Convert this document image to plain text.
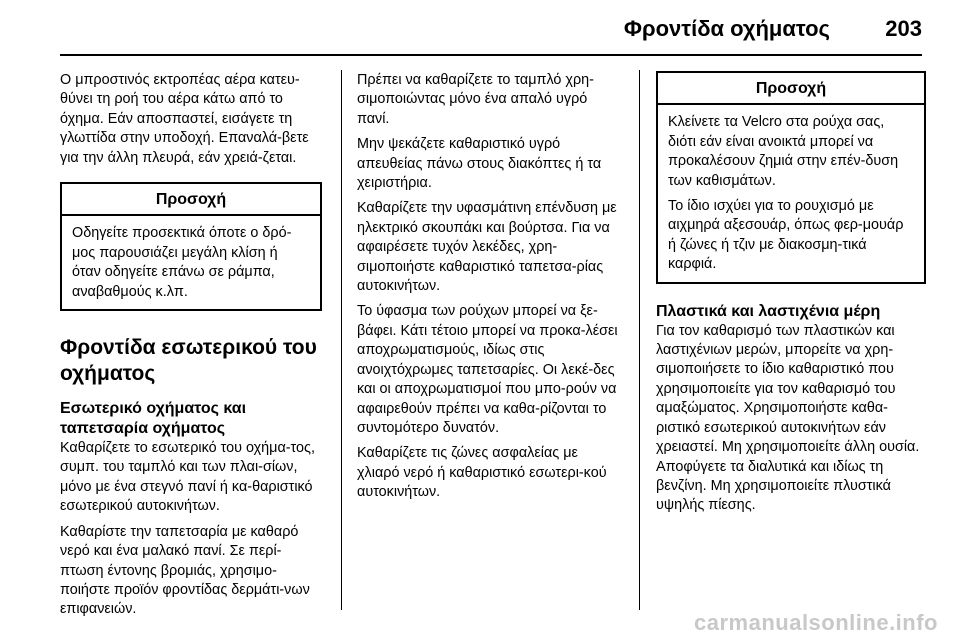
Φροντίδα οχήματος	203

Ο μπροστινός εκτροπέας αέρα κατευ-θύνει τη ροή του αέρα κάτω από το όχημα. Εάν αποσπαστεί, εισάγετε τη γλωττίδα στην υποδοχή. Επαναλά-βετε για την άλλη πλευρά, εάν χρειά-ζεται.

Προσοχή

Οδηγείτε προσεκτικά όποτε ο δρό-μος παρουσιάζει μεγάλη κλίση ή όταν οδηγείτε επάνω σε ράμπα, αναβαθμούς κ.λπ.

Φροντίδα εσωτερικού του οχήματος
Εσωτερικό οχήματος και ταπετσαρία οχήματος

Καθαρίζετε το εσωτερικό του οχήμα-τος, συμπ. του ταμπλό και των πλαι-σίων, μόνο με ένα στεγνό πανί ή κα-θαριστικό εσωτερικού αυτοκινήτων.

Καθαρίστε την ταπετσαρία με καθαρό νερό και ένα μαλακό πανί. Σε περί-πτωση έντονης βρομιάς, χρησιμο-ποιήστε προϊόν φροντίδας δερμάτι-νων επιφανειών.

Πρέπει να καθαρίζετε το ταμπλό χρη-σιμοποιώντας μόνο ένα απαλό υγρό πανί.

Μην ψεκάζετε καθαριστικό υγρό απευθείας πάνω στους διακόπτες ή τα χειριστήρια.

Καθαρίζετε την υφασμάτινη επένδυση με ηλεκτρικό σκουπάκι και βούρτσα. Για να αφαιρέσετε τυχόν λεκέδες, χρη-σιμοποιήστε καθαριστικό ταπετσα-ρίας αυτοκινήτων.

Το ύφασμα των ρούχων μπορεί να ξε-βάφει. Κάτι τέτοιο μπορεί να προκα-λέσει αποχρωματισμούς, ιδίως στις ανοιχτόχρωμες ταπετσαρίες. Οι λεκέ-δες και οι αποχρωματισμοί που μπο-ρούν να αφαιρεθούν πρέπει να καθα-ρίζονται το συντομότερο δυνατόν.

Καθαρίζετε τις ζώνες ασφαλείας με χλιαρό νερό ή καθαριστικό εσωτερι-κού αυτοκινήτων.

Προσοχή

Κλείνετε τα Velcro στα ρούχα σας, διότι εάν είναι ανοικτά μπορεί να προκαλέσουν ζημιά στην επέν-δυση των καθισμάτων.

Το ίδιο ισχύει για το ρουχισμό με αιχμηρά αξεσουάρ, όπως φερ-μουάρ ή ζώνες ή τζιν με διακοσμη-τικά καρφιά.

Πλαστικά και λαστιχένια μέρη

Για τον καθαρισμό των πλαστικών και λαστιχένιων μερών, μπορείτε να χρη-σιμοποιήσετε το ίδιο καθαριστικό που χρησιμοποιείτε για τον καθαρισμό του αμαξώματος. Χρησιμοποιήστε καθα-ριστικό εσωτερικού αυτοκινήτων εάν χρειαστεί. Μη χρησιμοποιείτε άλλη ουσία. Αποφύγετε τα διαλυτικά και ιδίως τη βενζίνη. Μη χρησιμοποιείτε πλυστικά υψηλής πίεσης.

carmanualsonline.info
